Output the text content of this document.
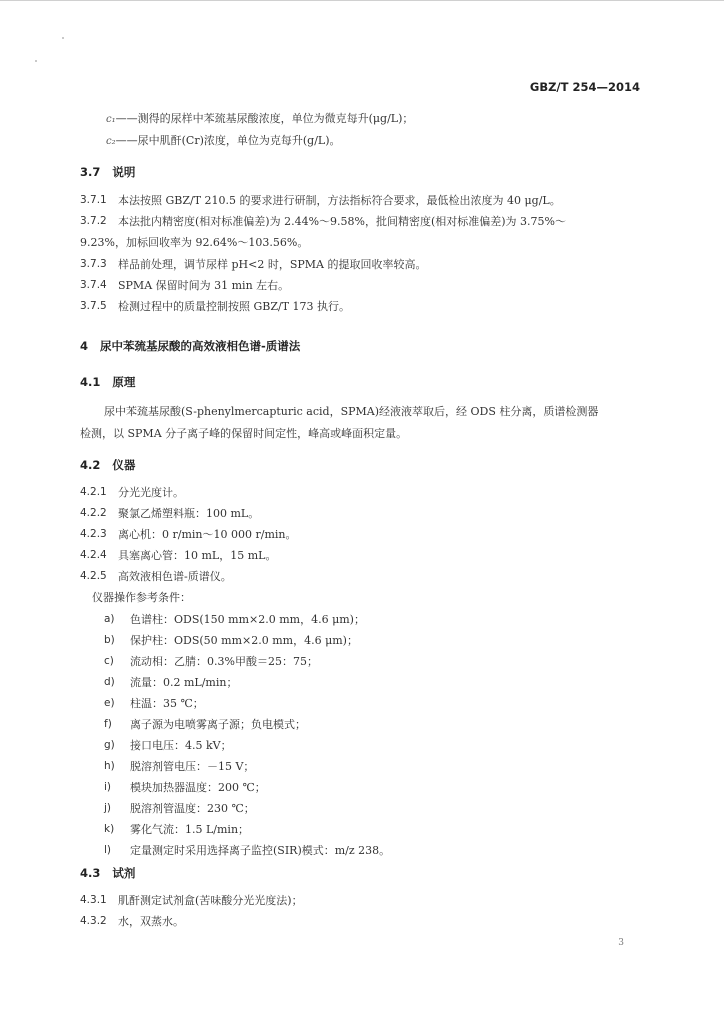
GBZ/T 254—2014
c₁——测得的尿样中苯巯基尿酸浓度，单位为微克每升(μg/L)；
c₂——尿中肌酐(Cr)浓度，单位为克每升(g/L)。
3.7 说明
3.7.1 本法按照 GBZ/T 210.5 的要求进行研制，方法指标符合要求，最低检出浓度为 40 μg/L。
3.7.2 本法批内精密度(相对标准偏差)为 2.44%～9.58%，批间精密度(相对标准偏差)为 3.75%～
9.23%，加标回收率为 92.64%～103.56%。
3.7.3 样品前处理，调节尿样 pH<2 时，SPMA 的提取回收率较高。
3.7.4 SPMA 保留时间为 31 min 左右。
3.7.5 检测过程中的质量控制按照 GBZ/T 173 执行。
4 尿中苯巯基尿酸的高效液相色谱-质谱法
4.1 原理
尿中苯巯基尿酸(S-phenylmercapturic acid，SPMA)经液液萃取后，经 ODS 柱分离，质谱检测器
检测，以 SPMA 分子离子峰的保留时间定性，峰高或峰面积定量。
4.2 仪器
4.2.1 分光光度计。
4.2.2 聚氯乙烯塑料瓶：100 mL。
4.2.3 离心机：0 r/min～10 000 r/min。
4.2.4 具塞离心管：10 mL，15 mL。
4.2.5 高效液相色谱-质谱仪。
仪器操作参考条件：
a) 色谱柱：ODS(150 mm×2.0 mm，4.6 μm)；
b) 保护柱：ODS(50 mm×2.0 mm，4.6 μm)；
c) 流动相：乙腈：0.3%甲酸＝25：75；
d) 流量：0.2 mL/min；
e) 柱温：35 ℃；
f) 离子源为电喷雾离子源；负电模式；
g) 接口电压：4.5 kV；
h) 脱溶剂管电压：－15 V；
i) 模块加热器温度：200 ℃；
j) 脱溶剂管温度：230 ℃；
k) 雾化气流：1.5 L/min；
l) 定量测定时采用选择离子监控(SIR)模式：m/z 238。
4.3 试剂
4.3.1 肌酐测定试剂盒(苦味酸分光光度法)；
4.3.2 水，双蒸水。
3
